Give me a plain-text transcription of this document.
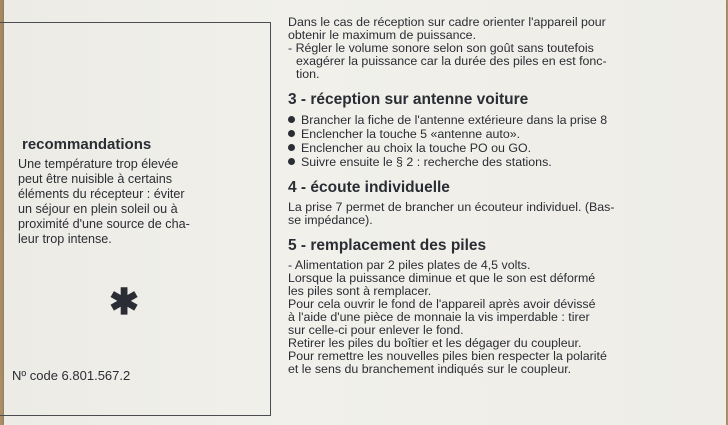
recommandations
Une température trop élevée
peut être nuisible à certains
éléments du récepteur : éviter
un séjour en plein soleil ou à
proximité d'une source de cha-
leur trop intense.
✱
Nº code 6.801.567.2

Dans le cas de réception sur cadre orienter l'appareil pour

obtenir le maximum de puissance.

- Régler le volume sonore selon son goût sans toutefois

exagérer la puissance car la durée des piles en est fonc-

tion.

3 - réception sur antenne voiture
Brancher la fiche de l'antenne extérieure dans la prise 8
Enclencher la touche 5 «antenne auto».
Enclencher au choix la touche PO ou GO.
Suivre ensuite le § 2 : recherche des stations.
4 - écoute individuelle

La prise 7 permet de brancher un écouteur individuel. (Bas-

se impédance).

5 - remplacement des piles

- Alimentation par 2 piles plates de 4,5 volts.

Lorsque la puissance diminue et que le son est déformé

les piles sont à remplacer.

Pour cela ouvrir le fond de l'appareil après avoir dévissé

à l'aide d'une pièce de monnaie la vis imperdable : tirer

sur celle-ci pour enlever le fond.

Retirer les piles du boîtier et les dégager du coupleur.

Pour remettre les nouvelles piles bien respecter la polarité

et le sens du branchement indiqués sur le coupleur.
